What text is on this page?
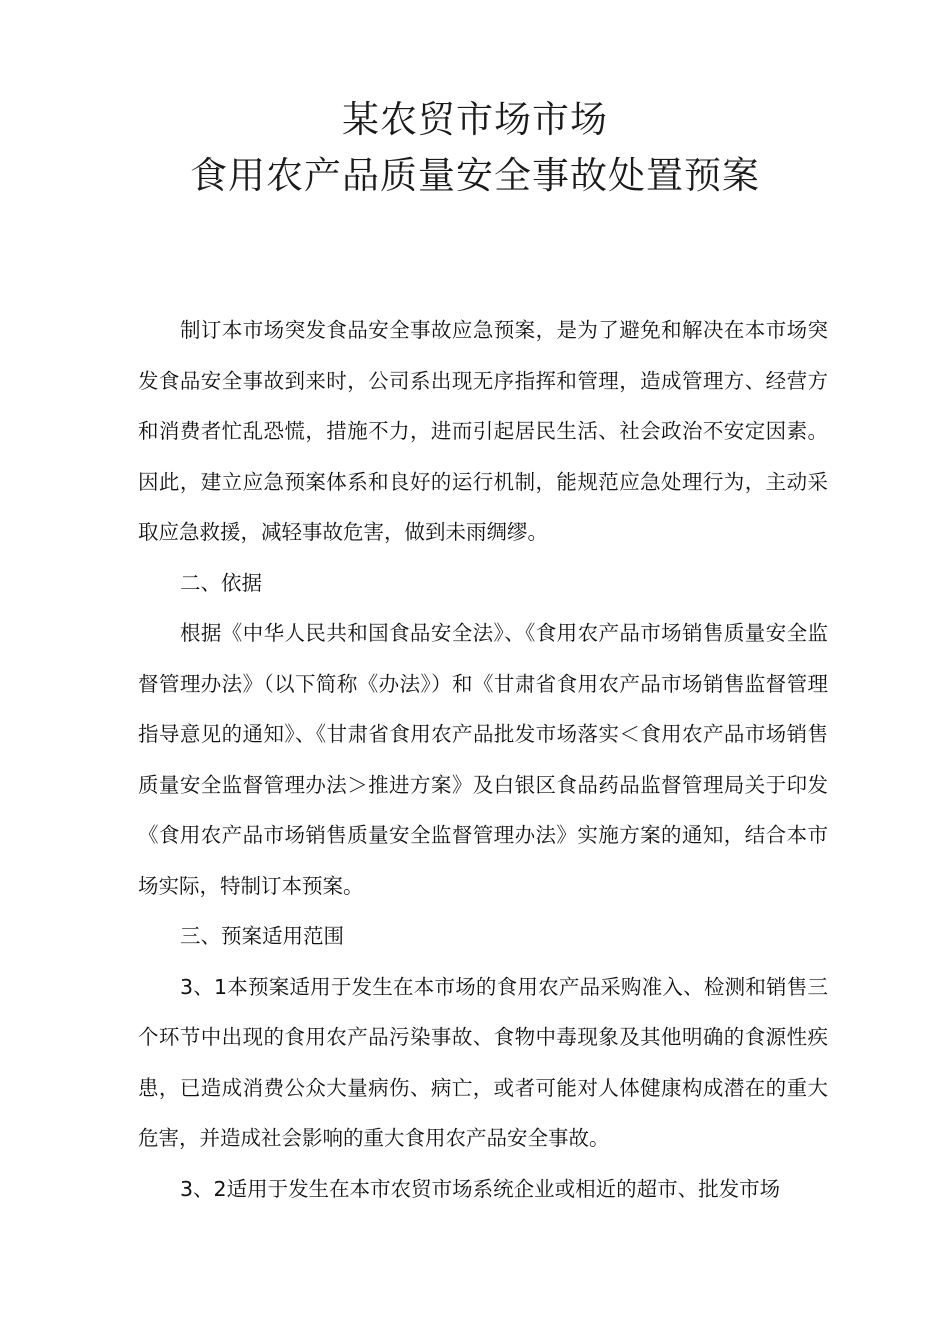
某农贸市场市场
食用农产品质量安全事故处置预案

制订本市场突发食品安全事故应急预案，是为了避免和解决在本市场突发食品安全事故到来时，公司系出现无序指挥和管理，造成管理方、经营方和消费者忙乱恐慌，措施不力，进而引起居民生活、社会政治不安定因素。因此，建立应急预案体系和良好的运行机制，能规范应急处理行为，主动采取应急救援，减轻事故危害，做到未雨绸缪。

二、依据

根据《中华人民共和国食品安全法》、《食用农产品市场销售质量安全监督管理办法》（以下简称《办法》）和《甘肃省食用农产品市场销售监督管理指导意见的通知》、《甘肃省食用农产品批发市场落实＜食用农产品市场销售质量安全监督管理办法＞推进方案》及白银区食品药品监督管理局关于印发《食用农产品市场销售质量安全监督管理办法》实施方案的通知，结合本市场实际，特制订本预案。

三、预案适用范围

3、1本预案适用于发生在本市场的食用农产品采购准入、检测和销售三个环节中出现的食用农产品污染事故、食物中毒现象及其他明确的食源性疾患，已造成消费公众大量病伤、病亡，或者可能对人体健康构成潜在的重大危害，并造成社会影响的重大食用农产品安全事故。

3、2适用于发生在本市农贸市场系统企业或相近的超市、批发市场
